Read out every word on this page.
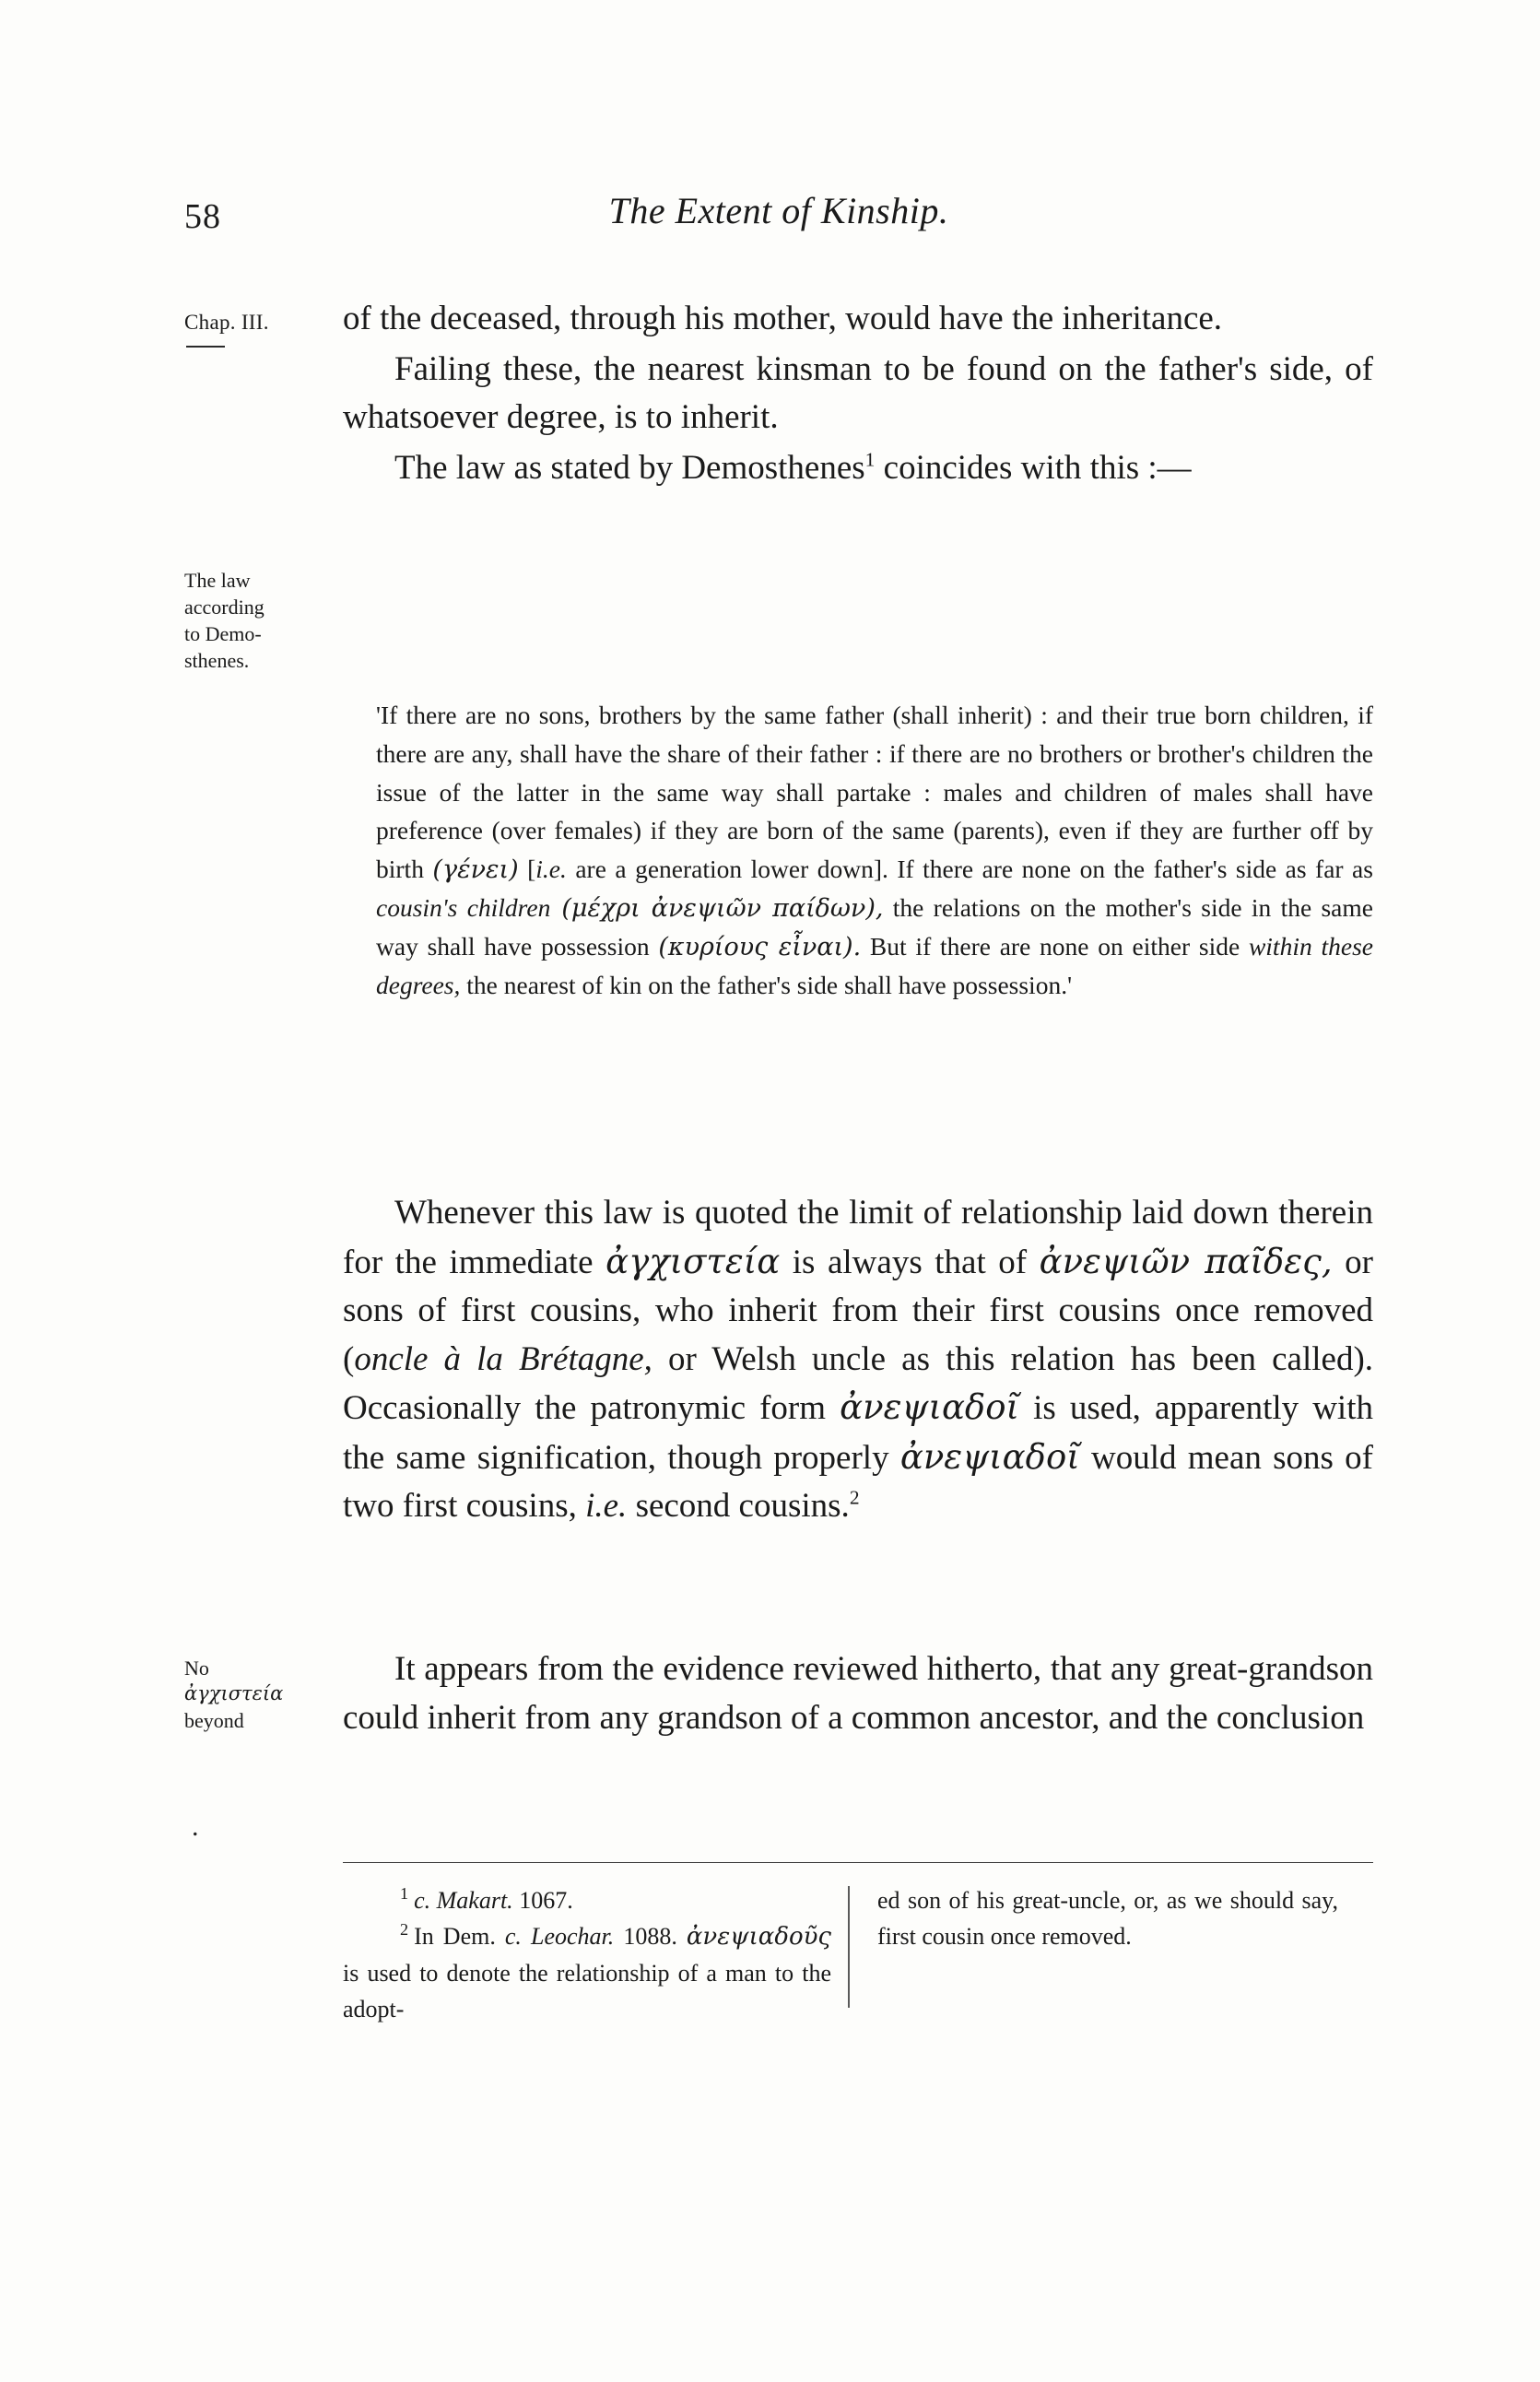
58	The Extent of Kinship.
Chap. III.
The law
according
to Demo-
sthenes.
No
ἀγχιστεία
beyond
.

of the deceased, through his mother, would have the inheritance.

Failing these, the nearest kinsman to be found on the father's side, of whatsoever degree, is to inherit.

The law as stated by Demosthenes$^1$ coincides with this :—

'If there are no sons, brothers by the same father (shall inherit) : and their true born children, if there are any, shall have the share of their father : if there are no brothers or brother's children the issue of the latter in the same way shall partake : males and children of males shall have preference (over females) if they are born of the same (parents), even if they are further off by birth (γένει) [i.e. are a generation lower down]. If there are none on the father's side as far as cousin's children (μέχρι ἀνεψιῶν παίδων), the relations on the mother's side in the same way shall have possession (κυρίους εἶναι). But if there are none on either side within these degrees, the nearest of kin on the father's side shall have possession.'

Whenever this law is quoted the limit of relationship laid down therein for the immediate ἀγχιστεία is always that of ἀνεψιῶν παῖδες, or sons of first cousins, who inherit from their first cousins once removed (oncle à la Brétagne, or Welsh uncle as this relation has been called). Occasionally the patronymic form ἀνεψιαδοῖ is used, apparently with the same signification, though properly ἀνεψιαδοῖ would mean sons of two first cousins, i.e. second cousins.$^2$

It appears from the evidence reviewed hitherto, that any great-grandson could inherit from any grandson of a common ancestor, and the conclusion

$^1$ c. Makart. 1067.
$^2$ In Dem. c. Leochar. 1088. ἀνεψιαδοῦς is used to denote the relationship of a man to the adopt-
ed son of his great-uncle, or, as we should say, first cousin once removed.
